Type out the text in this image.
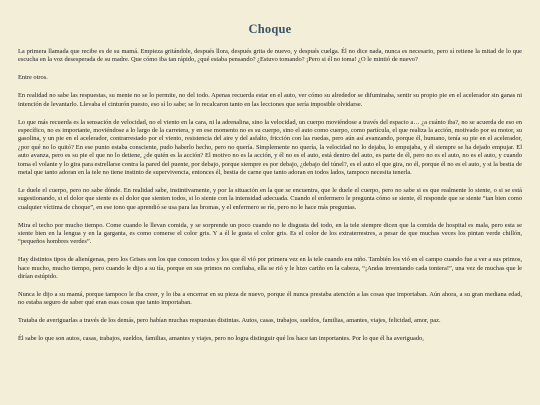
Choque

La primera llamada que recibe es de su mamá. Empieza gritándole, después llora, después grita de nuevo, y después cuelga. Él no dice nada, nunca es necesario, pero sí retiene la mitad de lo que escucha en la voz desesperada de su madre. Que cómo iba tan rápido, ¿qué estaba pensando? ¿Estuvo tomando? ¡Pero si él no toma! ¿O le mintió de nuevo?

Entre otros.

En realidad no sabe las respuestas, su mente no se lo permite, no del todo. Apenas recuerda estar en el auto, ver cómo su alrededor se difuminaba, sentir su propio pie en el acelerador sin ganas ni intención de levantarlo. Llevaba el cinturón puesto, eso sí lo sabe; se lo recalcaron tanto en las lecciones que sería imposible olvidarse.

Lo que más recuerda es la sensación de velocidad, no el viento en la cara, ni la adrenalina, sino la velocidad, un cuerpo moviéndose a través del espacio a… ¿a cuánto iba?, no se acuerda de eso en específico, no es importante, moviéndose a lo largo de la carretera, y en ese momento no es su cuerpo, sino el auto como cuerpo, como partícula, el que realiza la acción, motivado por su motor, su gasolina, y un pie en el acelerador, contrarrestado por el viento, resistencia del aire y del asfalto, fricción con las ruedas, pero aún así avanzando, porque él, humano, tenía su pie en el acelerador, ¿por qué no lo quitó? En ese punto estaba consciente, pudo haberlo hecho, pero no quería. Simplemente no quería, la velocidad no lo dejaba, lo empujaba, y él siempre se ha dejado empujar. El auto avanza, pero es su pie el que no lo detiene, ¿de quién es la acción? El motivo no es la acción, y él no es el auto, está dentro del auto, es parte de él, pero no es el auto, no es el auto, y cuando toma el volante y lo gira para estrellarse contra la pared del puente, por debajo, porque siempre es por debajo, ¿debajo del túnel?, es el auto el que gira, no él, porque él no es el auto, y si la bestia de metal que tanto adoran en la tele no tiene instinto de supervivencia, entonces él, bestia de carne que tanto adoran en todos lados, tampoco necesita tenerla.

Le duele el cuerpo, pero no sabe dónde. En realidad sabe, instintivamente, y por la situación en la que se encuentra, que le duele el cuerpo, pero no sabe si es que realmente lo siente, o si se está sugestionando, si el dolor que siente es el dolor que sienten todos, si lo siente con la intensidad adecuada. Cuando el enfermero le pregunta cómo se siente, él responde que se siente “tan bien como cualquier víctima de choque”, en ese tono que aprendió se usa para las bromas, y el enfermero se ríe, pero no le hace más preguntas.

Mira el techo por mucho tiempo. Come cuando le llevan comida, y se sorprende un poco cuando no le disgusta del todo, en la tele siempre dicen que la comida de hospital es mala, pero esta se siente bien en la lengua y en la garganta, es como comerse el color gris. Y a él le gusta el color gris. Es el color de los extraterrestres, a pesar de que muchas veces los pintan verde chillón, “pequeños hombres verdes”.

Hay distintos tipos de alienígenas, pero los Grises son los que conocen todos y los que él vió por primera vez en la tele cuando era niño. También los vió en el campo cuando fue a ver a sus primos, hace mucho, mucho tiempo, pero cuando le dijo a su tía, porque en sus primos no confiaba, ella se rió y le hizo cariño en la cabeza, “¡Andas inventando cada tontera!”, una vez de muchas que le dirían estúpido.

Nunca le dijo a su mamá, porque tampoco le iba creer, y lo iba a encerrar en su pieza de nuevo, porque él nunca prestaba atención a las cosas que importaban. Aún ahora, a su gran mediana edad, no estaba seguro de saber qué eran esas cosas que tanto importaban.

Trataba de averiguarlas a través de los demás, pero habían muchas respuestas distintas. Autos, casas, trabajos, sueldos, familias, amantes, viajes, felicidad, amor, paz.

Él sabe lo que son autos, casas, trabajos, sueldos, familias, amantes y viajes, pero no logra distinguir qué los hace tan importantes. Por lo que él ha averiguado,
